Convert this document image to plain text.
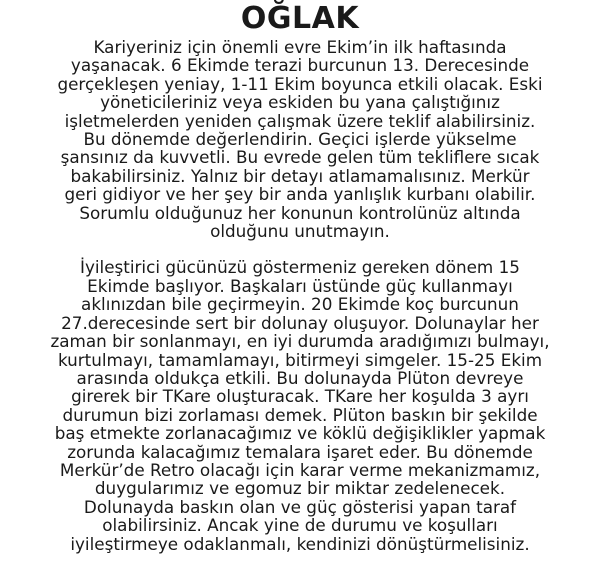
OĞLAK

Kariyeriniz için önemli evre Ekim’in ilk haftasında
yaşanacak. 6 Ekimde terazi burcunun 13. Derecesinde
gerçekleşen yeniay, 1-11 Ekim boyunca etkili olacak. Eski
yöneticileriniz veya eskiden bu yana çalıştığınız
işletmelerden yeniden çalışmak üzere teklif alabilirsiniz.
Bu dönemde değerlendirin. Geçici işlerde yükselme
şansınız da kuvvetli. Bu evrede gelen tüm tekliflere sıcak
bakabilirsiniz. Yalnız bir detayı atlamamalısınız. Merkür
geri gidiyor ve her şey bir anda yanlışlık kurbanı olabilir.
Sorumlu olduğunuz her konunun kontrolünüz altında
olduğunu unutmayın.

İyileştirici gücünüzü göstermeniz gereken dönem 15
Ekimde başlıyor. Başkaları üstünde güç kullanmayı
aklınızdan bile geçirmeyin. 20 Ekimde koç burcunun
27.derecesinde sert bir dolunay oluşuyor. Dolunaylar her
zaman bir sonlanmayı, en iyi durumda aradığımızı bulmayı,
kurtulmayı, tamamlamayı, bitirmeyi simgeler. 15-25 Ekim
arasında oldukça etkili. Bu dolunayda Plüton devreye
girerek bir TKare oluşturacak. TKare her koşulda 3 ayrı
durumun bizi zorlaması demek. Plüton baskın bir şekilde
baş etmekte zorlanacağımız ve köklü değişiklikler yapmak
zorunda kalacağımız temalara işaret eder. Bu dönemde
Merkür’de Retro olacağı için karar verme mekanizmamız,
duygularımız ve egomuz bir miktar zedelenecek.
Dolunayda baskın olan ve güç gösterisi yapan taraf
olabilirsiniz. Ancak yine de durumu ve koşulları
iyileştirmeye odaklanmalı, kendinizi dönüştürmelisiniz.
